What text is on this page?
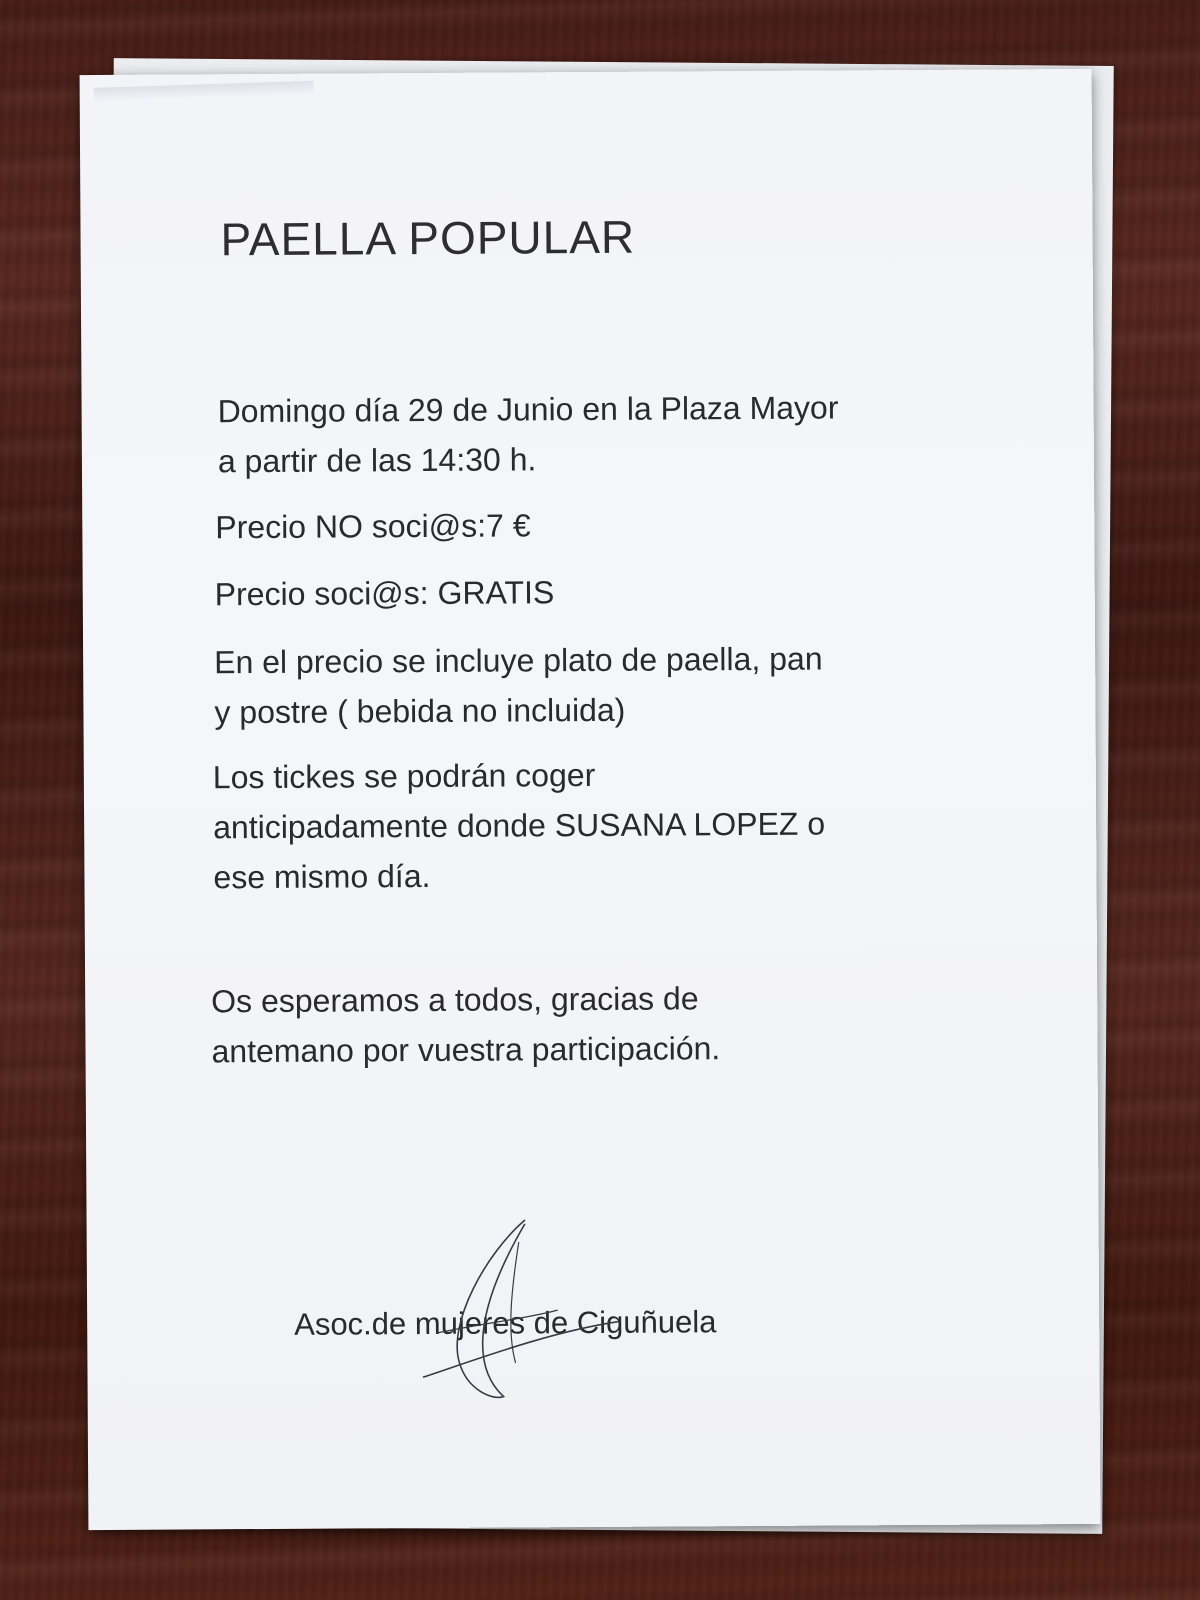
PAELLA POPULAR
Domingo día 29 de Junio en la Plaza Mayor
a partir de las 14:30 h.
Precio NO soci@s:7 €
Precio soci@s: GRATIS
En el precio se incluye plato de paella, pan
y postre ( bebida no incluida)
Los tickes se podrán coger
anticipadamente donde SUSANA LOPEZ o
ese mismo día.
Os esperamos a todos, gracias de
antemano por vuestra participación.
Asoc.de mujeres de Ciguñuela
